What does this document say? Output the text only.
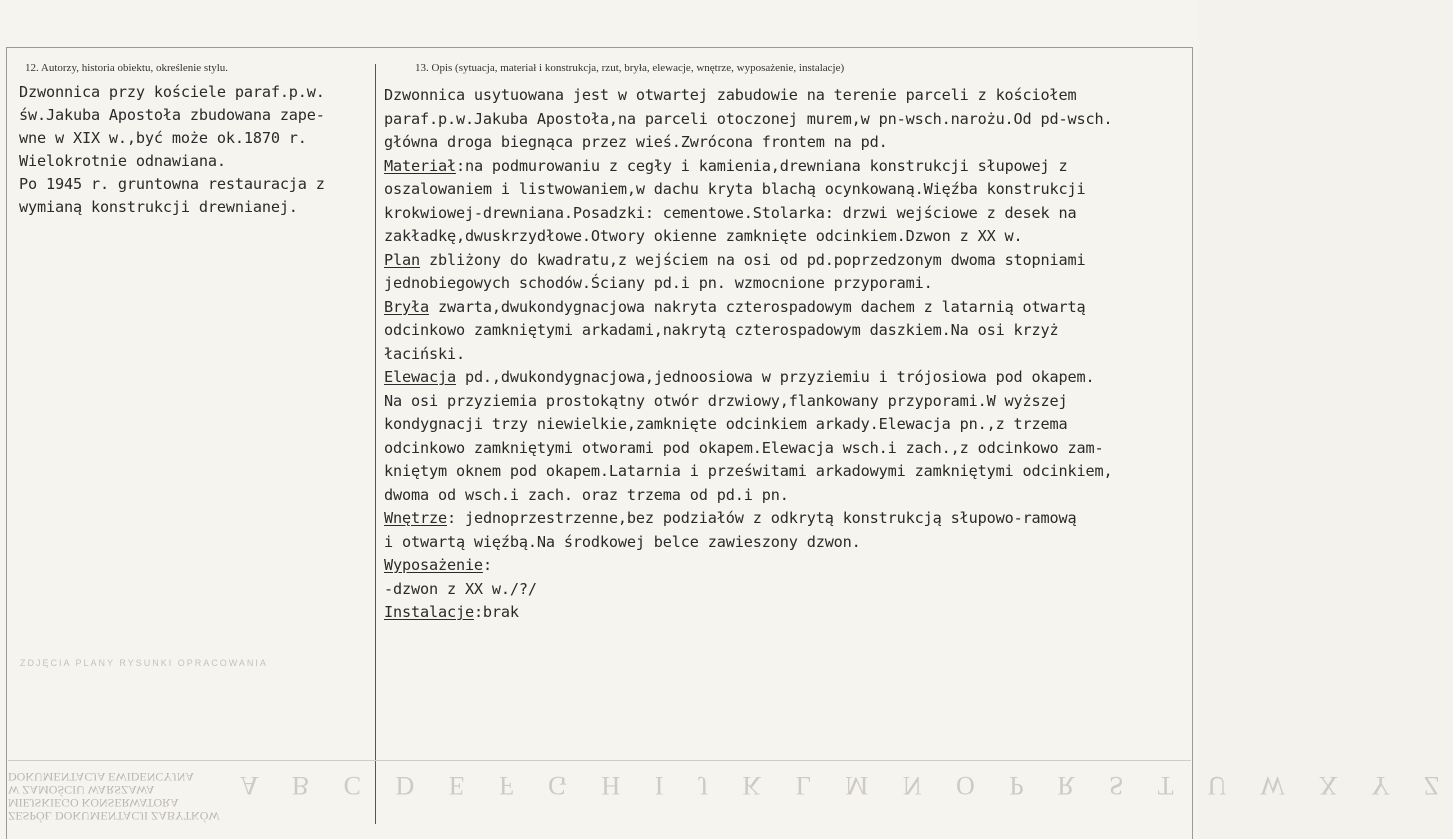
12. Autorzy, historia obiektu, określenie stylu.	13. Opis (sytuacja, materiał i konstrukcja, rzut, bryła, elewacje, wnętrze, wyposażenie, instalacje)
Dzwonnica przy kościele paraf.p.w.
św.Jakuba Apostoła zbudowana zape-
wne w XIX w.,być może ok.1870 r.
Wielokrotnie odnawiana.
Po 1945 r. gruntowna restauracja z
wymianą konstrukcji drewnianej.
Dzwonnica usytuowana jest w otwartej zabudowie na terenie parceli z kościołem
paraf.p.w.Jakuba Apostoła,na parceli otoczonej murem,w pn-wsch.narożu.Od pd-wsch.
główna droga biegnąca przez wieś.Zwrócona frontem na pd.
Materiał:na podmurowaniu z cegły i kamienia,drewniana konstrukcji słupowej z
oszalowaniem i listwowaniem,w dachu kryta blachą ocynkowaną.Więźba konstrukcji
krokwiowej-drewniana.Posadzki: cementowe.Stolarka: drzwi wejściowe z desek na
zakładkę,dwuskrzydłowe.Otwory okienne zamknięte odcinkiem.Dzwon z XX w.
Plan zbliżony do kwadratu,z wejściem na osi od pd.poprzedzonym dwoma stopniami
jednobiegowych schodów.Ściany pd.i pn. wzmocnione przyporami.
Bryła zwarta,dwukondygnacjowa nakryta czterospadowym dachem z latarnią otwartą
odcinkowo zamkniętymi arkadami,nakrytą czterospadowym daszkiem.Na osi krzyż
łaciński.
Elewacja pd.,dwukondygnacjowa,jednoosiowa w przyziemiu i trójosiowa pod okapem.
Na osi przyziemia prostokątny otwór drzwiowy,flankowany przyporami.W wyższej
kondygnacji trzy niewielkie,zamknięte odcinkiem arkady.Elewacja pn.,z trzema
odcinkowo zamkniętymi otworami pod okapem.Elewacja wsch.i zach.,z odcinkowo zam-
kniętym oknem pod okapem.Latarnia i prześwitami arkadowymi zamkniętymi odcinkiem,
dwoma od wsch.i zach. oraz trzema od pd.i pn.
Wnętrze: jednoprzestrzenne,bez podziałów z odkrytą konstrukcją słupowo-ramową
i otwartą więźbą.Na środkowej belce zawieszony dzwon.
Wyposażenie:
-dzwon z XX w./?/
Instalacje:brak
ZDJĘCIA PLANY RYSUNKI OPRACOWANIA
ZESPÓŁ DOKUMENTACJI ZABYTKÓW
MIEJSKIEGO KONSERWATORA
W ZAMOŚCIU WARSZAWA
DOKUMENTACJA EWIDENCYJNA	A B C D E F G H I J K L M N O P R S T U W X Y Z
